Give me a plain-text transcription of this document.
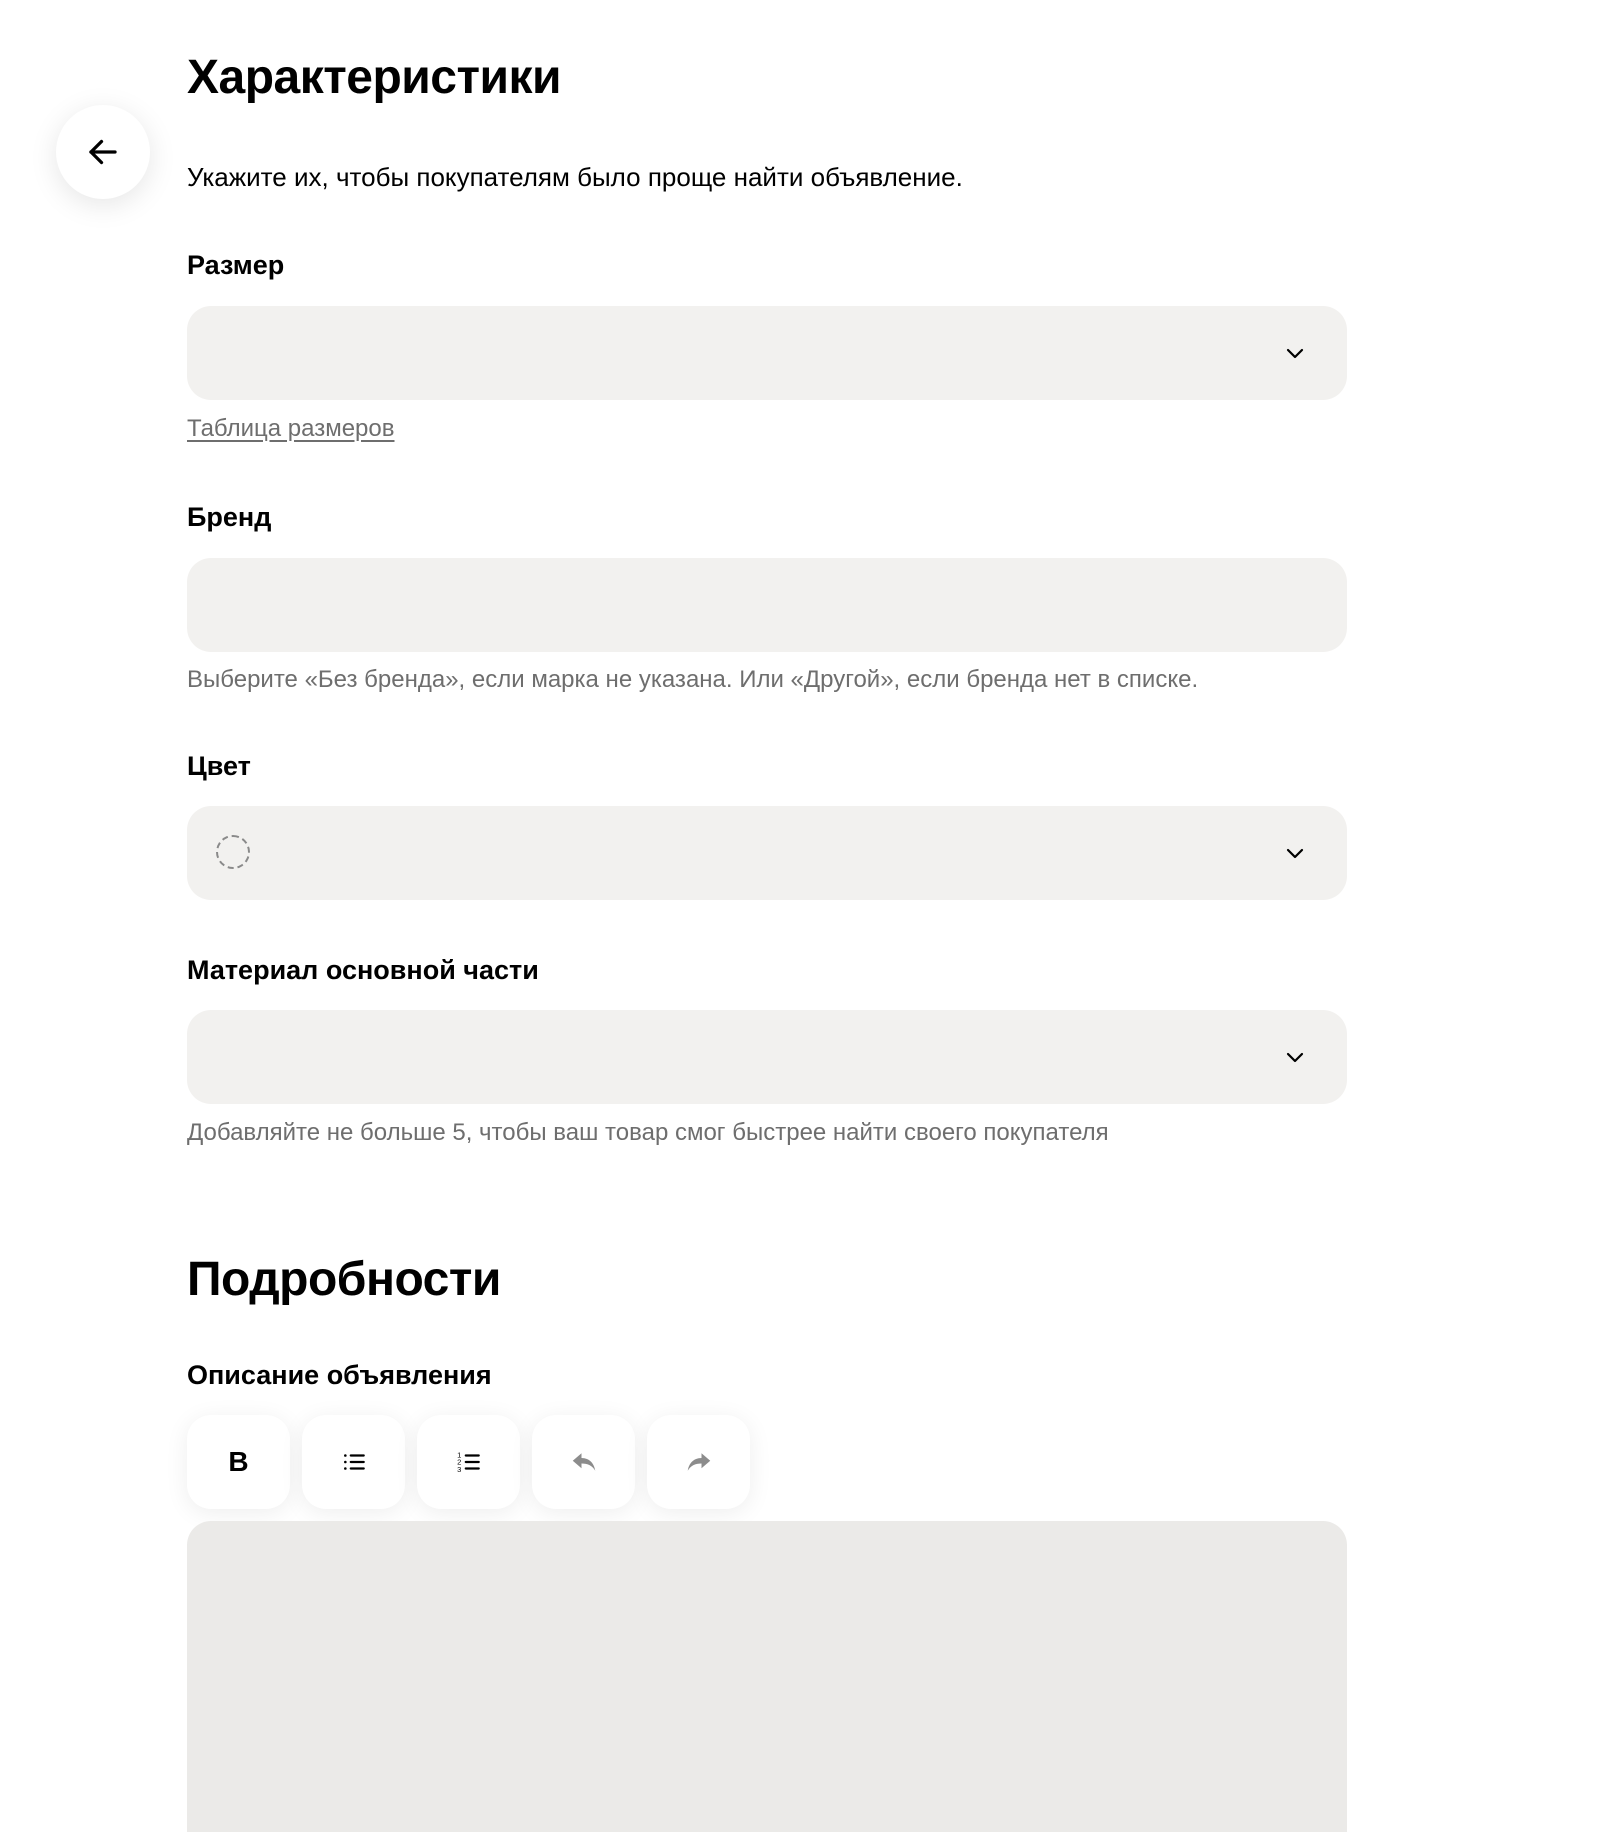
Характеристики
Укажите их, чтобы покупателям было проще найти объявление.
Размер
Таблица размеров
Бренд
Выберите «Без бренда», если марка не указана. Или «Другой», если бренда нет в списке.
Цвет
Материал основной части
Добавляйте не больше 5, чтобы ваш товар смог быстрее найти своего покупателя
Подробности
Описание объявления
B	1
2
3
